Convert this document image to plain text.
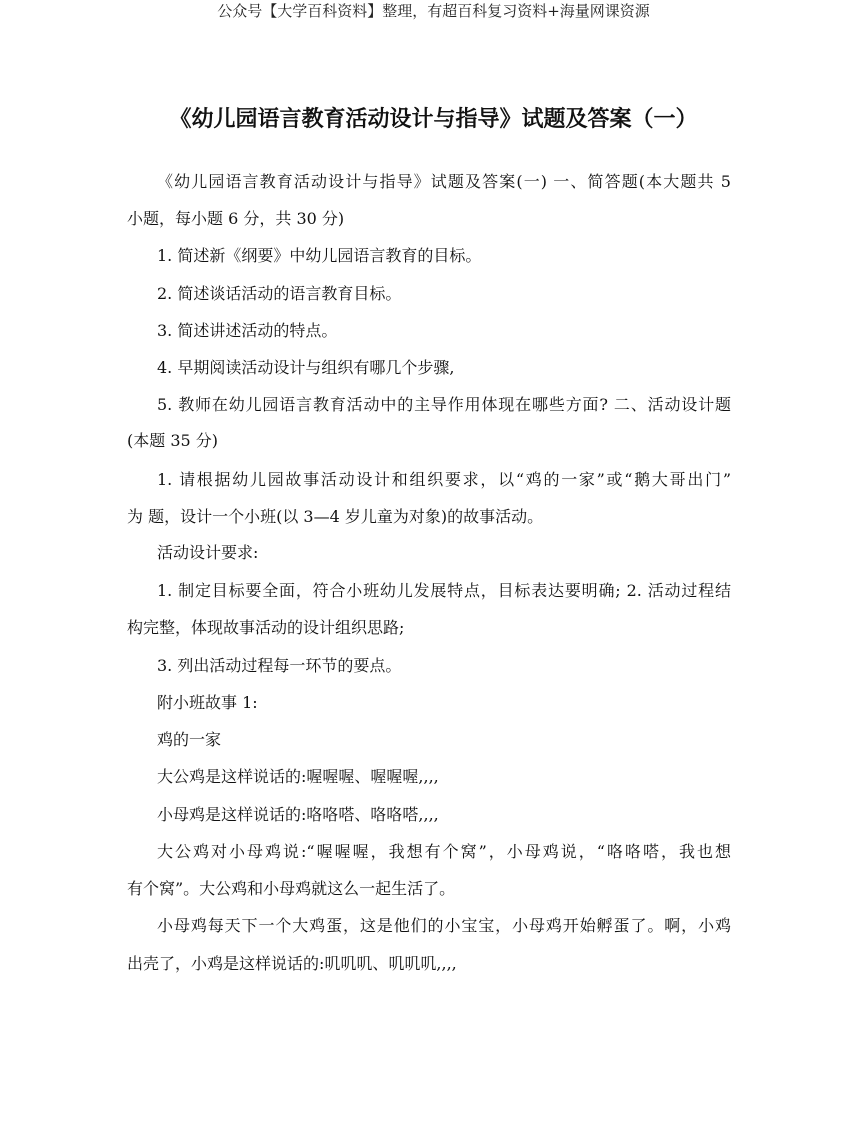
公众号【大学百科资料】整理，有超百科复习资料+海量网课资源
《幼儿园语言教育活动设计与指导》试题及答案（一）
《幼儿园语言教育活动设计与指导》试题及答案(一) 一、简答题(本大题共 5
小题，每小题 6 分，共 30 分)
1. 简述新《纲要》中幼儿园语言教育的目标。
2. 简述谈话活动的语言教育目标。
3. 简述讲述活动的特点。
4. 早期阅读活动设计与组织有哪几个步骤,
5. 教师在幼儿园语言教育活动中的主导作用体现在哪些方面? 二、活动设计题
(本题 35 分)
1. 请根据幼儿园故事活动设计和组织要求，以“鸡的一家”或“鹅大哥出门”
为 题，设计一个小班(以 3—4 岁儿童为对象)的故事活动。
活动设计要求:
1. 制定目标要全面，符合小班幼儿发展特点，目标表达要明确; 2. 活动过程结
构完整，体现故事活动的设计组织思路;
3. 列出活动过程每一环节的要点。
附小班故事 1:
鸡的一家
大公鸡是这样说话的:喔喔喔、喔喔喔,,,,
小母鸡是这样说话的:咯咯嗒、咯咯嗒,,,,
大公鸡对小母鸡说:“喔喔喔，我想有个窝”，小母鸡说，“咯咯嗒，我也想
有个窝”。大公鸡和小母鸡就这么一起生活了。
小母鸡每天下一个大鸡蛋，这是他们的小宝宝，小母鸡开始孵蛋了。啊，小鸡
出壳了，小鸡是这样说话的:叽叽叽、叽叽叽,,,,
